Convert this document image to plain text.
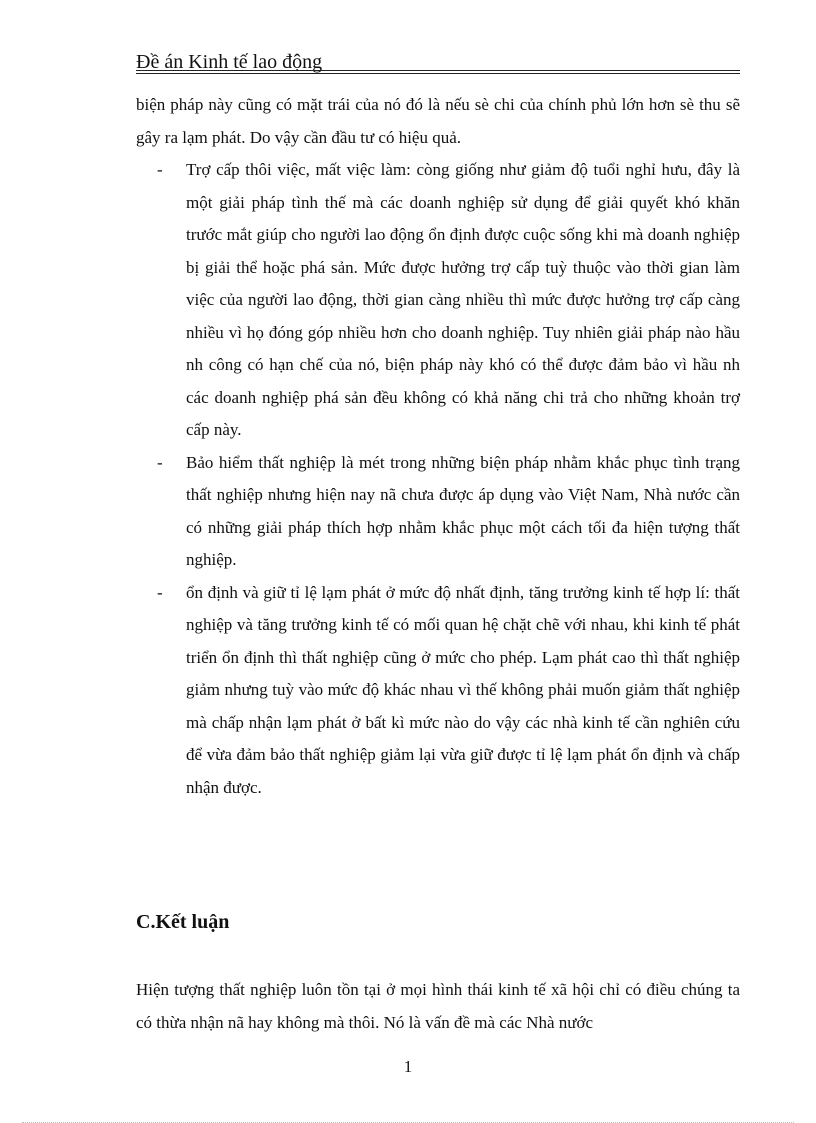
Đề án Kinh tế lao động

biện pháp này cũng có mặt trái của nó đó là nếu sè chi của chính phủ lớn hơn sè thu sẽ gây ra lạm phát. Do vậy cần đầu tư có hiệu quả.

- Trợ cấp thôi việc, mất việc làm: còng giống như giảm độ tuổi nghỉ hưu, đây là một giải pháp tình thế mà các doanh nghiệp sử dụng để giải quyết khó khăn trước mắt giúp cho người lao động ổn định được cuộc sống khi mà doanh nghiệp bị giải thể hoặc phá sản. Mức được hưởng trợ cấp tuỳ thuộc vào thời gian làm việc của người lao động, thời gian càng nhiều thì mức được hưởng trợ cấp càng nhiều vì họ đóng góp nhiều hơn cho doanh nghiệp. Tuy nhiên giải pháp nào hầu nh công có hạn chế của nó, biện pháp này khó có thể được đảm bảo vì hầu nh các doanh nghiệp phá sản đều không có khả năng chi trả cho những khoản trợ cấp này.
- Bảo hiểm thất nghiệp là mét trong những biện pháp nhằm khắc phục tình trạng thất nghiệp nhưng hiện nay nã chưa được áp dụng vào Việt Nam, Nhà nước cần có những giải pháp thích hợp nhằm khắc phục một cách tối đa hiện tượng thất nghiệp.
- ổn định và giữ tỉ lệ lạm phát ở mức độ nhất định, tăng trưởng kinh tế hợp lí: thất nghiệp và tăng trưởng kinh tế có mối quan hệ chặt chẽ với nhau, khi kinh tế phát triển ổn định thì thất nghiệp cũng ở mức cho phép. Lạm phát cao thì thất nghiệp giảm nhưng tuỳ vào mức độ khác nhau vì thế không phải muốn giảm thất nghiệp mà chấp nhận lạm phát ở bất kì mức nào do vậy các nhà kinh tế cần nghiên cứu để vừa đảm bảo thất nghiệp giảm lại vừa giữ được tỉ lệ lạm phát ổn định và chấp nhận được.
C.Kết luận

Hiện tượng thất nghiệp luôn tồn tại ở mọi hình thái kinh tế xã hội chỉ có điều chúng ta có thừa nhận nã hay không mà thôi. Nó là vấn đề mà các Nhà nước

1
